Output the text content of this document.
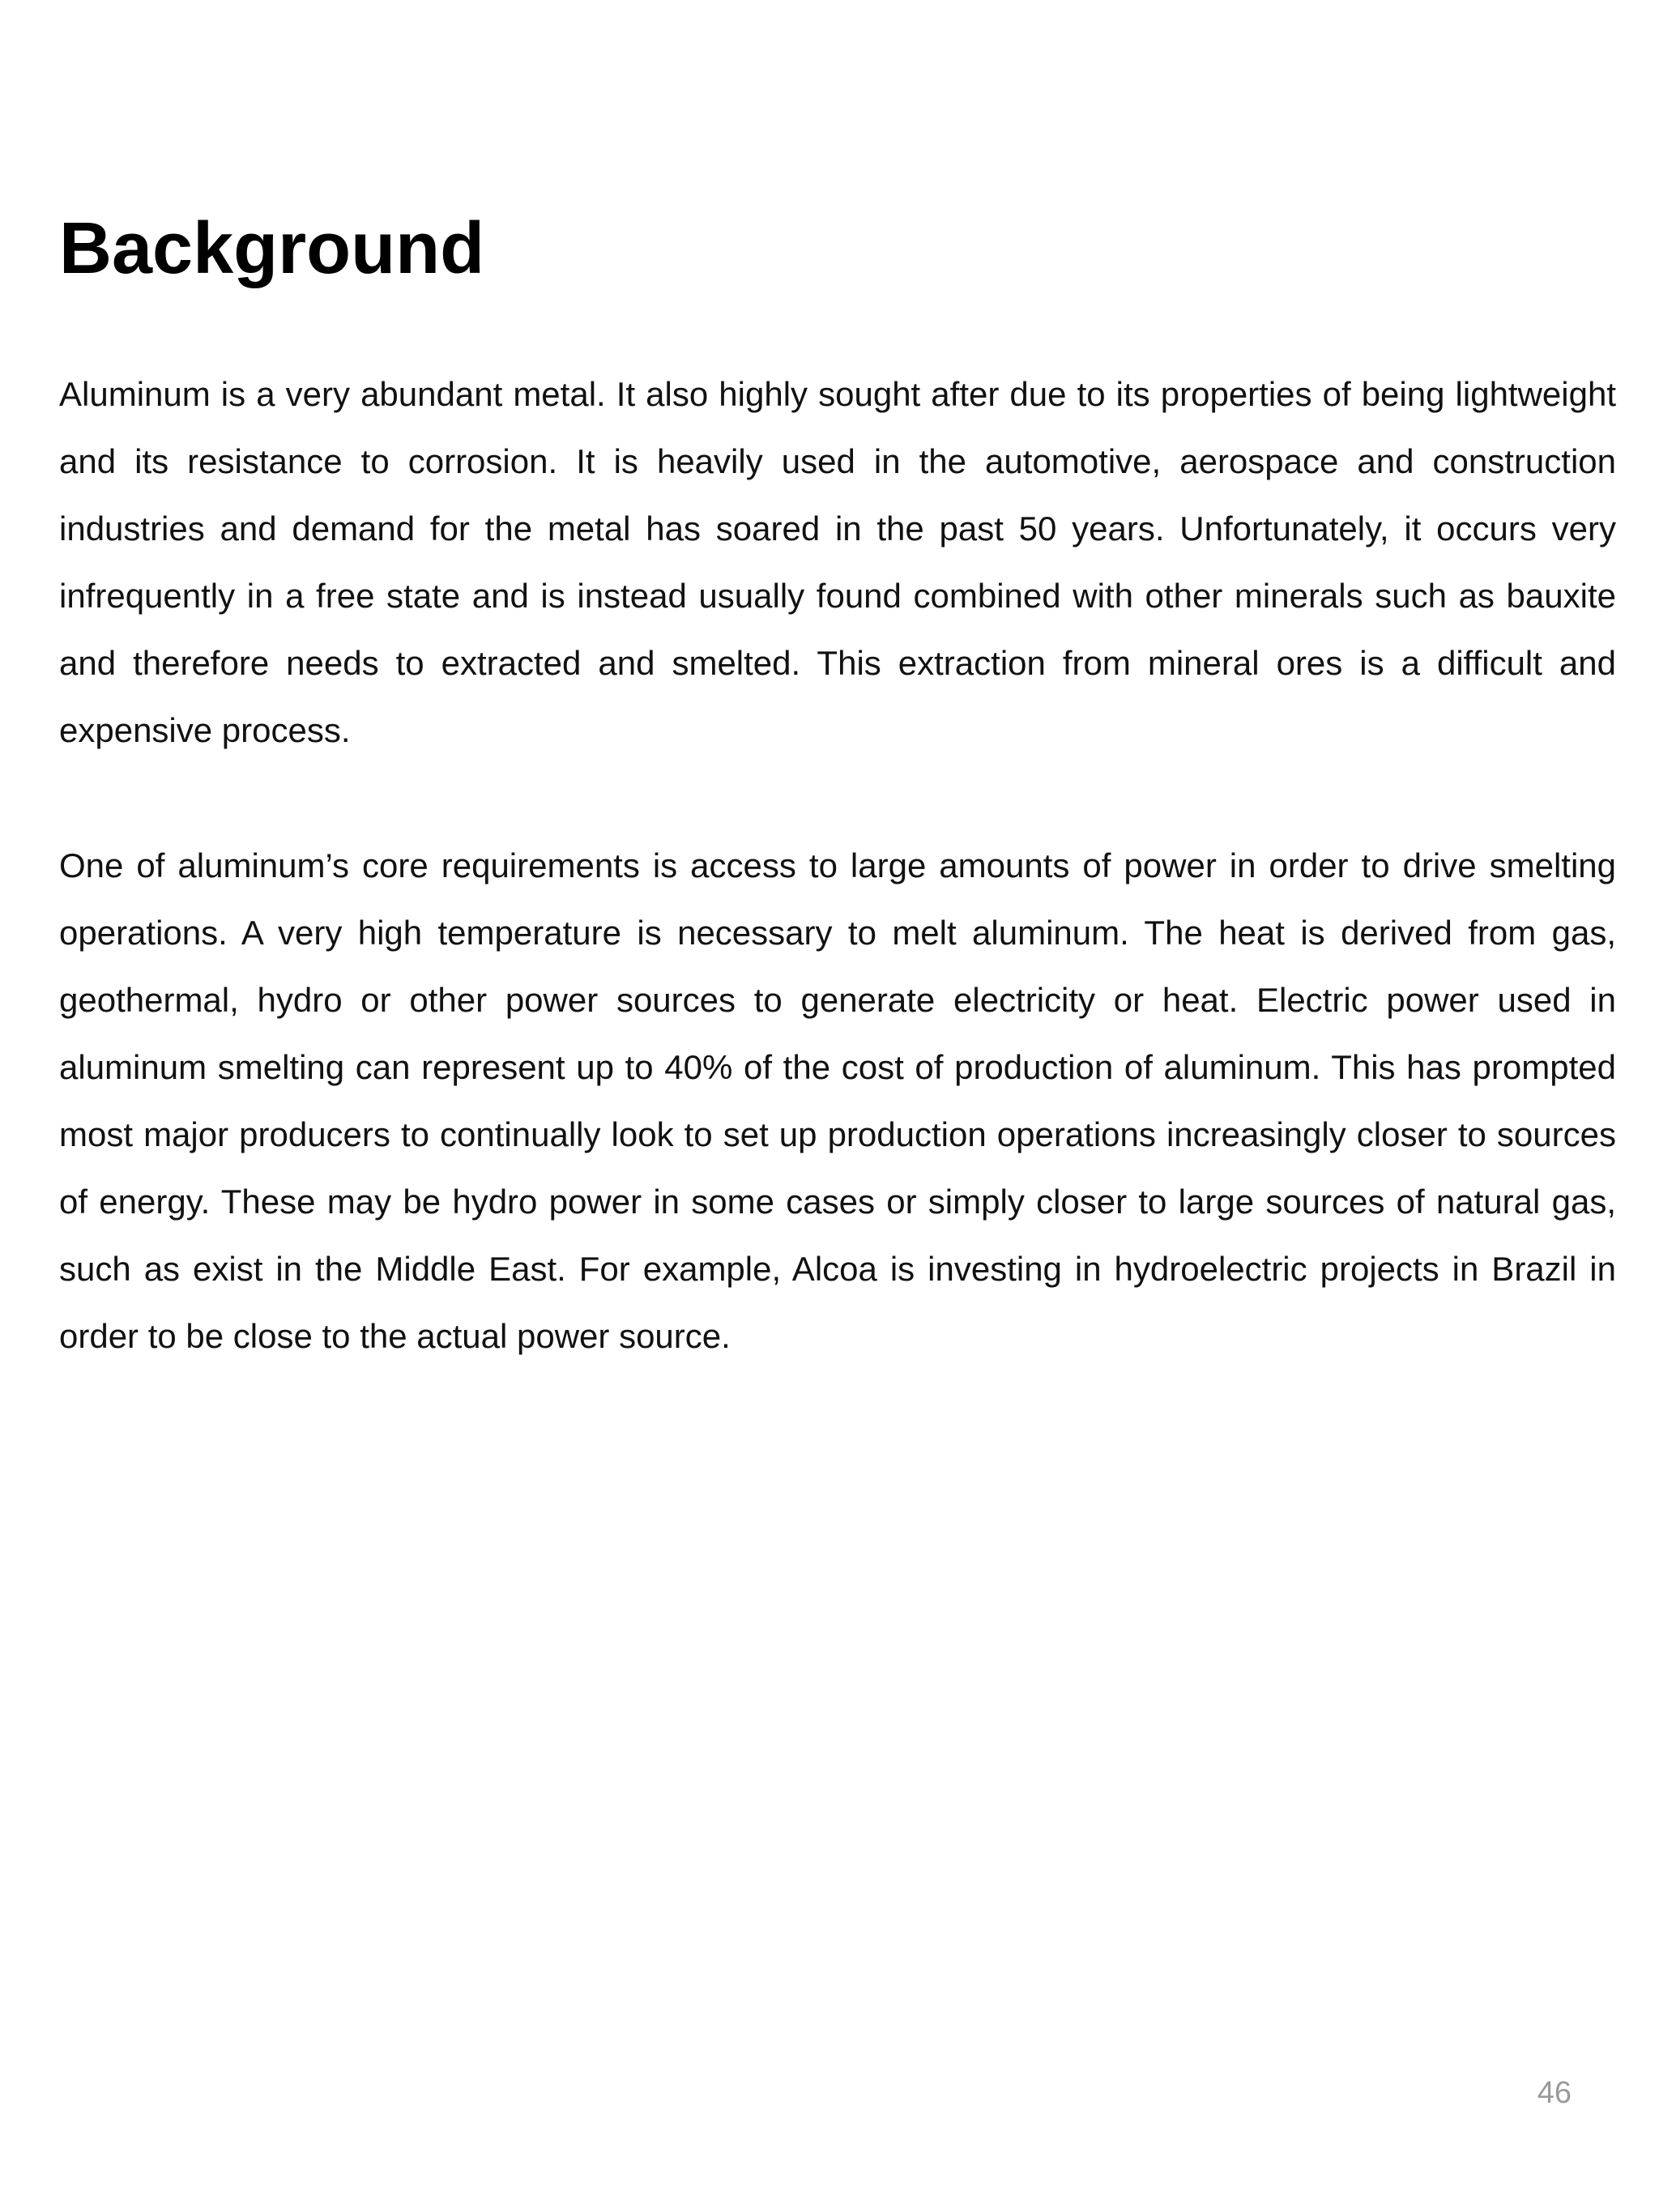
Background

Aluminum is a very abundant metal. It also highly sought after due to its properties of being lightweight and its resistance to corrosion. It is heavily used in the automotive, aerospace and construction industries and demand for the metal has soared in the past 50 years. Unfortunately, it occurs very infrequently in a free state and is instead usually found combined with other minerals such as bauxite and therefore needs to extracted and smelted. This extraction from mineral ores is a difficult and expensive process.

One of aluminum’s core requirements is access to large amounts of power in order to drive smelting operations. A very high temperature is necessary to melt aluminum. The heat is derived from gas, geothermal, hydro or other power sources to generate electricity or heat. Electric power used in aluminum smelting can represent up to 40% of the cost of production of aluminum. This has prompted most major producers to continually look to set up production operations increasingly closer to sources of energy. These may be hydro power in some cases or simply closer to large sources of natural gas, such as exist in the Middle East. For example, Alcoa is investing in hydroelectric projects in Brazil in order to be close to the actual power source.

46
